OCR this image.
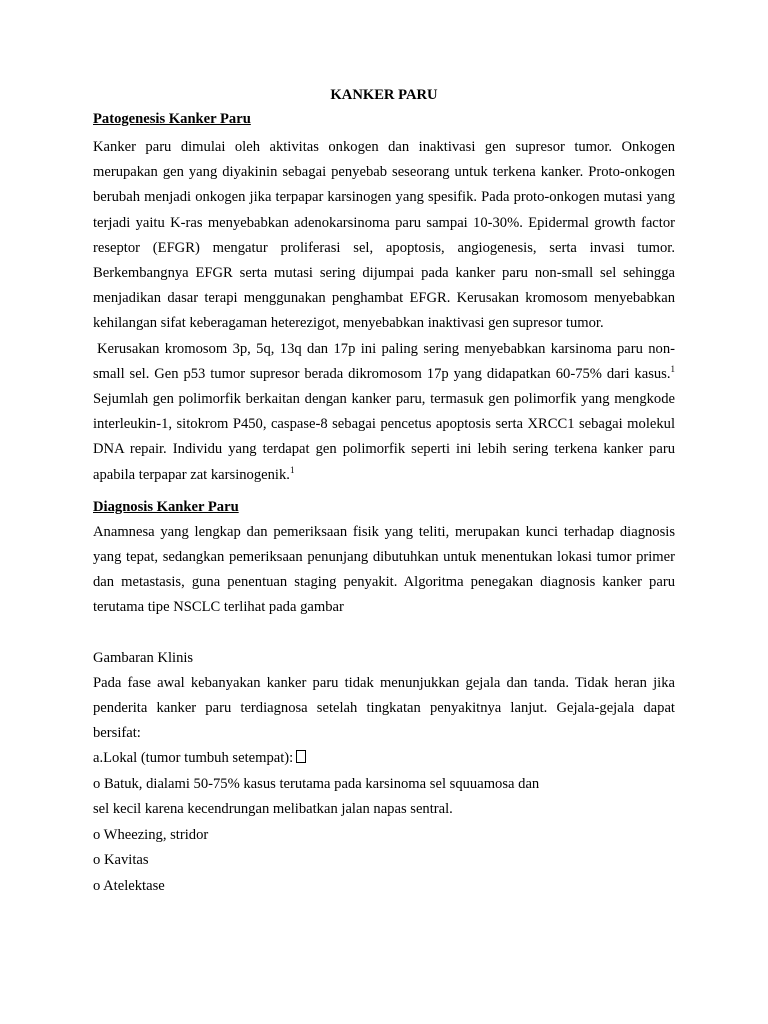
KANKER PARU
Patogenesis Kanker Paru

Kanker paru dimulai oleh aktivitas onkogen dan inaktivasi gen supresor tumor. Onkogen merupakan gen yang diyakinin sebagai penyebab seseorang untuk terkena kanker. Proto-onkogen berubah menjadi onkogen jika terpapar karsinogen yang spesifik. Pada proto-onkogen mutasi yang terjadi yaitu K-ras menyebabkan adenokarsinoma paru sampai 10-30%. Epidermal growth factor reseptor (EFGR) mengatur proliferasi sel, apoptosis, angiogenesis, serta invasi tumor. Berkembangnya EFGR serta mutasi sering dijumpai pada kanker paru non-small sel sehingga menjadikan dasar terapi menggunakan penghambat EFGR. Kerusakan kromosom menyebabkan kehilangan sifat keberagaman heterezigot, menyebabkan inaktivasi gen supresor tumor.

Kerusakan kromosom 3p, 5q, 13q dan 17p ini paling sering menyebabkan karsinoma paru non-small sel. Gen p53 tumor supresor berada dikromosom 17p yang didapatkan 60-75% dari kasus.$^1$ Sejumlah gen polimorfik berkaitan dengan kanker paru, termasuk gen polimorfik yang mengkode interleukin-1, sitokrom P450, caspase-8 sebagai pencetus apoptosis serta XRCC1 sebagai molekul DNA repair. Individu yang terdapat gen polimorfik seperti ini lebih sering terkena kanker paru apabila terpapar zat karsinogenik.$^1$

Diagnosis Kanker Paru

Anamnesa yang lengkap dan pemeriksaan fisik yang teliti, merupakan kunci terhadap diagnosis yang tepat, sedangkan pemeriksaan penunjang dibutuhkan untuk menentukan lokasi tumor primer dan metastasis, guna penentuan staging penyakit. Algoritma penegakan diagnosis kanker paru terutama tipe NSCLC terlihat pada gambar

Gambaran Klinis

Pada fase awal kebanyakan kanker paru tidak menunjukkan gejala dan tanda. Tidak heran jika penderita kanker paru terdiagnosa setelah tingkatan penyakitnya lanjut. Gejala-gejala dapat bersifat:

a.Lokal (tumor tumbuh setempat):
o Batuk, dialami 50-75% kasus terutama pada karsinoma sel squuamosa dan
sel kecil karena kecendrungan melibatkan jalan napas sentral.
o Wheezing, stridor
o Kavitas
o Atelektase
